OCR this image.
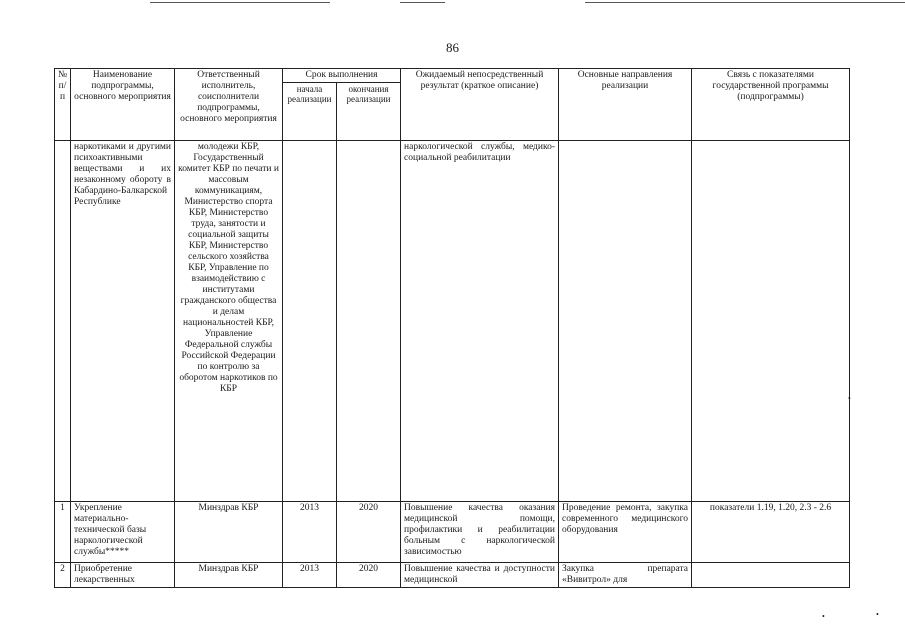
86
№ п/п	Наименование подпрограммы, основного мероприятия	Ответственный исполнитель, соисполнители подпрограммы, основного мероприятия	Срок выполнения		Ожидаемый непосредственный результат (краткое описание)	Основные направления реализации	Связь с показателями государственной программы (подпрограммы)
			начала реализации	окончания реализации			
	наркотиками и другими психоактивными веществами и их незаконному обороту в Кабардино-Балкарской Республике	молодежи КБР, Государственный комитет КБР по печати и массовым коммуникациям, Министерство спорта КБР, Министерство труда, занятости и социальной защиты КБР, Министерство сельского хозяйства КБР, Управление по взаимодействию с институтами гражданского общества и делам национальностей КБР, Управление Федеральной службы Российской Федерации по контролю за оборотом наркотиков по КБР			наркологической службы, медико-социальной реабилитации		
1	Укрепление материально-технической базы наркологической службы*****	Минздрав КБР	2013	2020	Повышение качества оказания медицинской помощи, профилактики и реабилитации больным с наркологической зависимостью	Проведение ремонта, закупка современного медицинского оборудования	показатели 1.19, 1.20, 2.3 - 2.6
2	Приобретение лекарственных	Минздрав КБР	2013	2020	Повышение качества и доступности медицинской	Закупка препарата «Вивитрол» для	
•
•	•
